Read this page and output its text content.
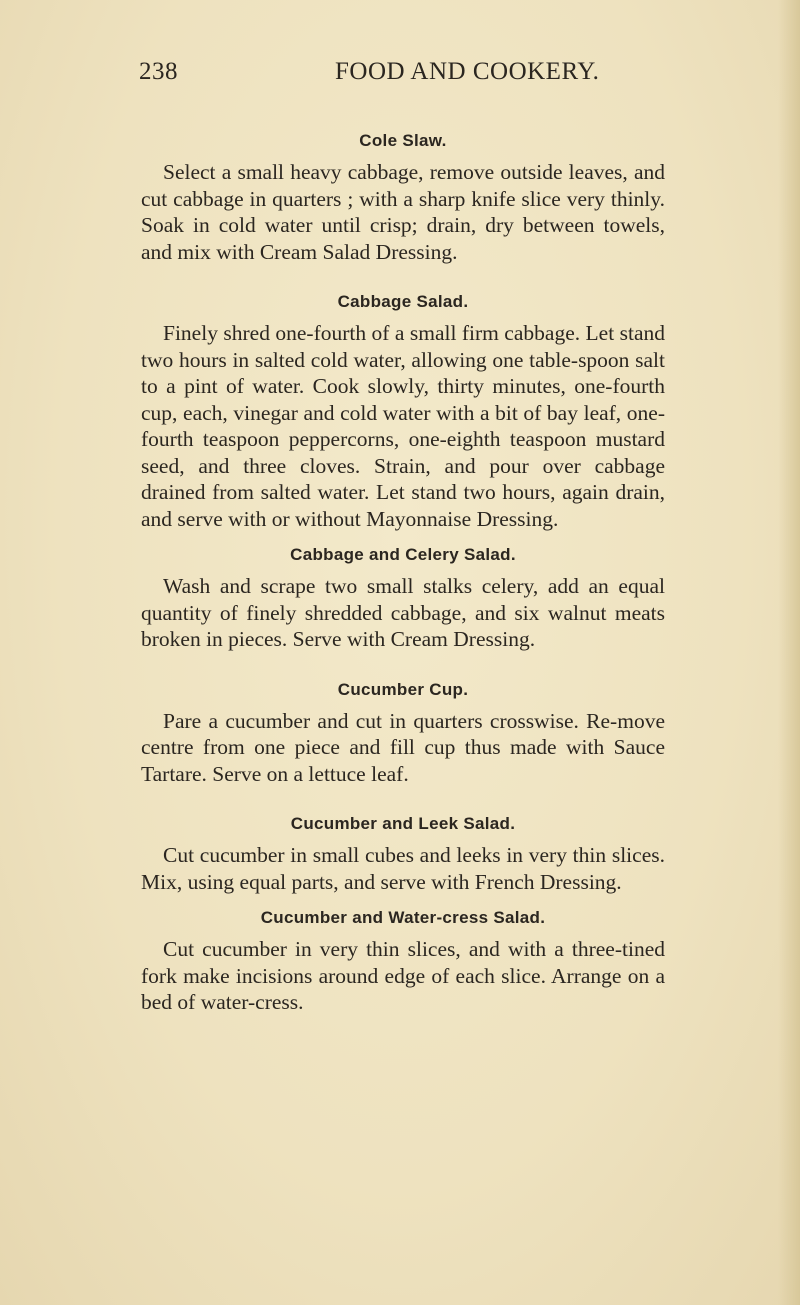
238	FOOD AND COOKERY.
Cole Slaw.

Select a small heavy cabbage, remove outside leaves, and cut cabbage in quarters ; with a sharp knife slice very thinly. Soak in cold water until crisp; drain, dry between towels, and mix with Cream Salad Dressing.

Cabbage Salad.

Finely shred one-fourth of a small firm cabbage. Let stand two hours in salted cold water, allowing one table-spoon salt to a pint of water. Cook slowly, thirty minutes, one-fourth cup, each, vinegar and cold water with a bit of bay leaf, one-fourth teaspoon peppercorns, one-eighth teaspoon mustard seed, and three cloves. Strain, and pour over cabbage drained from salted water. Let stand two hours, again drain, and serve with or without Mayonnaise Dressing.

Cabbage and Celery Salad.

Wash and scrape two small stalks celery, add an equal quantity of finely shredded cabbage, and six walnut meats broken in pieces. Serve with Cream Dressing.

Cucumber Cup.

Pare a cucumber and cut in quarters crosswise. Re-move centre from one piece and fill cup thus made with Sauce Tartare. Serve on a lettuce leaf.

Cucumber and Leek Salad.

Cut cucumber in small cubes and leeks in very thin slices. Mix, using equal parts, and serve with French Dressing.

Cucumber and Water-cress Salad.

Cut cucumber in very thin slices, and with a three-tined fork make incisions around edge of each slice. Arrange on a bed of water-cress.
